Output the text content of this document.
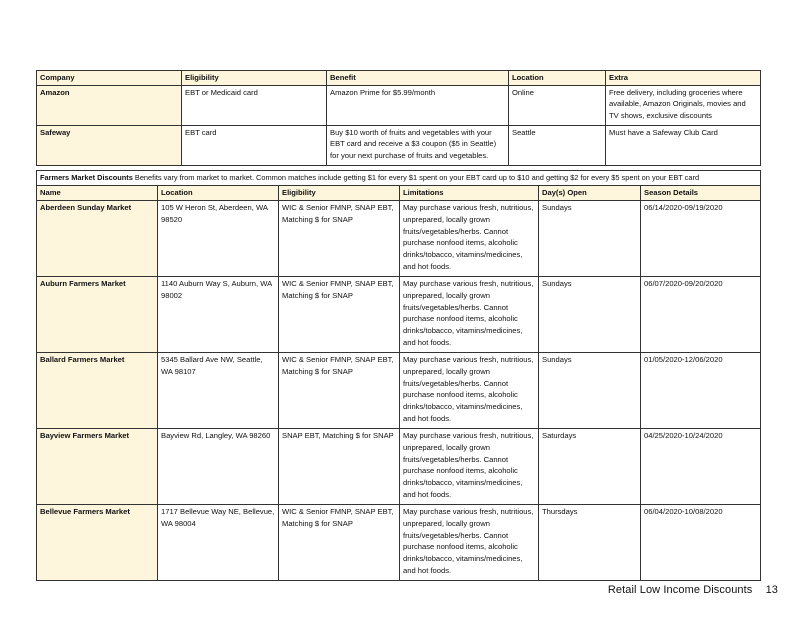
Company	Eligibility	Benefit	Location	Extra
Amazon	EBT or Medicaid card	Amazon Prime for $5.99/month	Online	Free delivery, including groceries where available, Amazon Originals, movies and TV shows, exclusive discounts
Safeway	EBT card	Buy $10 worth of fruits and vegetables with your EBT card and receive a $3 coupon ($5 in Seattle) for your next purchase of fruits and vegetables.	Seattle	Must have a Safeway Club Card
Farmers Market Discounts Benefits vary from market to market. Common matches include getting $1 for every $1 spent on your EBT card up to $10 and getting $2 for every $5 spent on your EBT card					
Name	Location	Eligibility	Limitations	Day(s) Open	Season Details
Aberdeen Sunday Market	105 W Heron St, Aberdeen, WA 98520	WIC & Senior FMNP, SNAP EBT, Matching $ for SNAP	May purchase various fresh, nutritious, unprepared, locally grown fruits/vegetables/herbs. Cannot purchase nonfood items, alcoholic drinks/tobacco, vitamins/medicines, and hot foods.	Sundays	06/14/2020-09/19/2020
Auburn Farmers Market	1140 Auburn Way S, Auburn, WA 98002	WIC & Senior FMNP, SNAP EBT, Matching $ for SNAP	May purchase various fresh, nutritious, unprepared, locally grown fruits/vegetables/herbs. Cannot purchase nonfood items, alcoholic drinks/tobacco, vitamins/medicines, and hot foods.	Sundays	06/07/2020-09/20/2020
Ballard Farmers Market	5345 Ballard Ave NW, Seattle, WA 98107	WIC & Senior FMNP, SNAP EBT, Matching $ for SNAP	May purchase various fresh, nutritious, unprepared, locally grown fruits/vegetables/herbs. Cannot purchase nonfood items, alcoholic drinks/tobacco, vitamins/medicines, and hot foods.	Sundays	01/05/2020-12/06/2020
Bayview Farmers Market	Bayview Rd, Langley, WA 98260	SNAP EBT, Matching $ for SNAP	May purchase various fresh, nutritious, unprepared, locally grown fruits/vegetables/herbs. Cannot purchase nonfood items, alcoholic drinks/tobacco, vitamins/medicines, and hot foods.	Saturdays	04/25/2020-10/24/2020
Bellevue Farmers Market	1717 Bellevue Way NE, Bellevue, WA 98004	WIC & Senior FMNP, SNAP EBT, Matching $ for SNAP	May purchase various fresh, nutritious, unprepared, locally grown fruits/vegetables/herbs. Cannot purchase nonfood items, alcoholic drinks/tobacco, vitamins/medicines, and hot foods.	Thursdays	06/04/2020-10/08/2020
Retail Low Income Discounts 13
